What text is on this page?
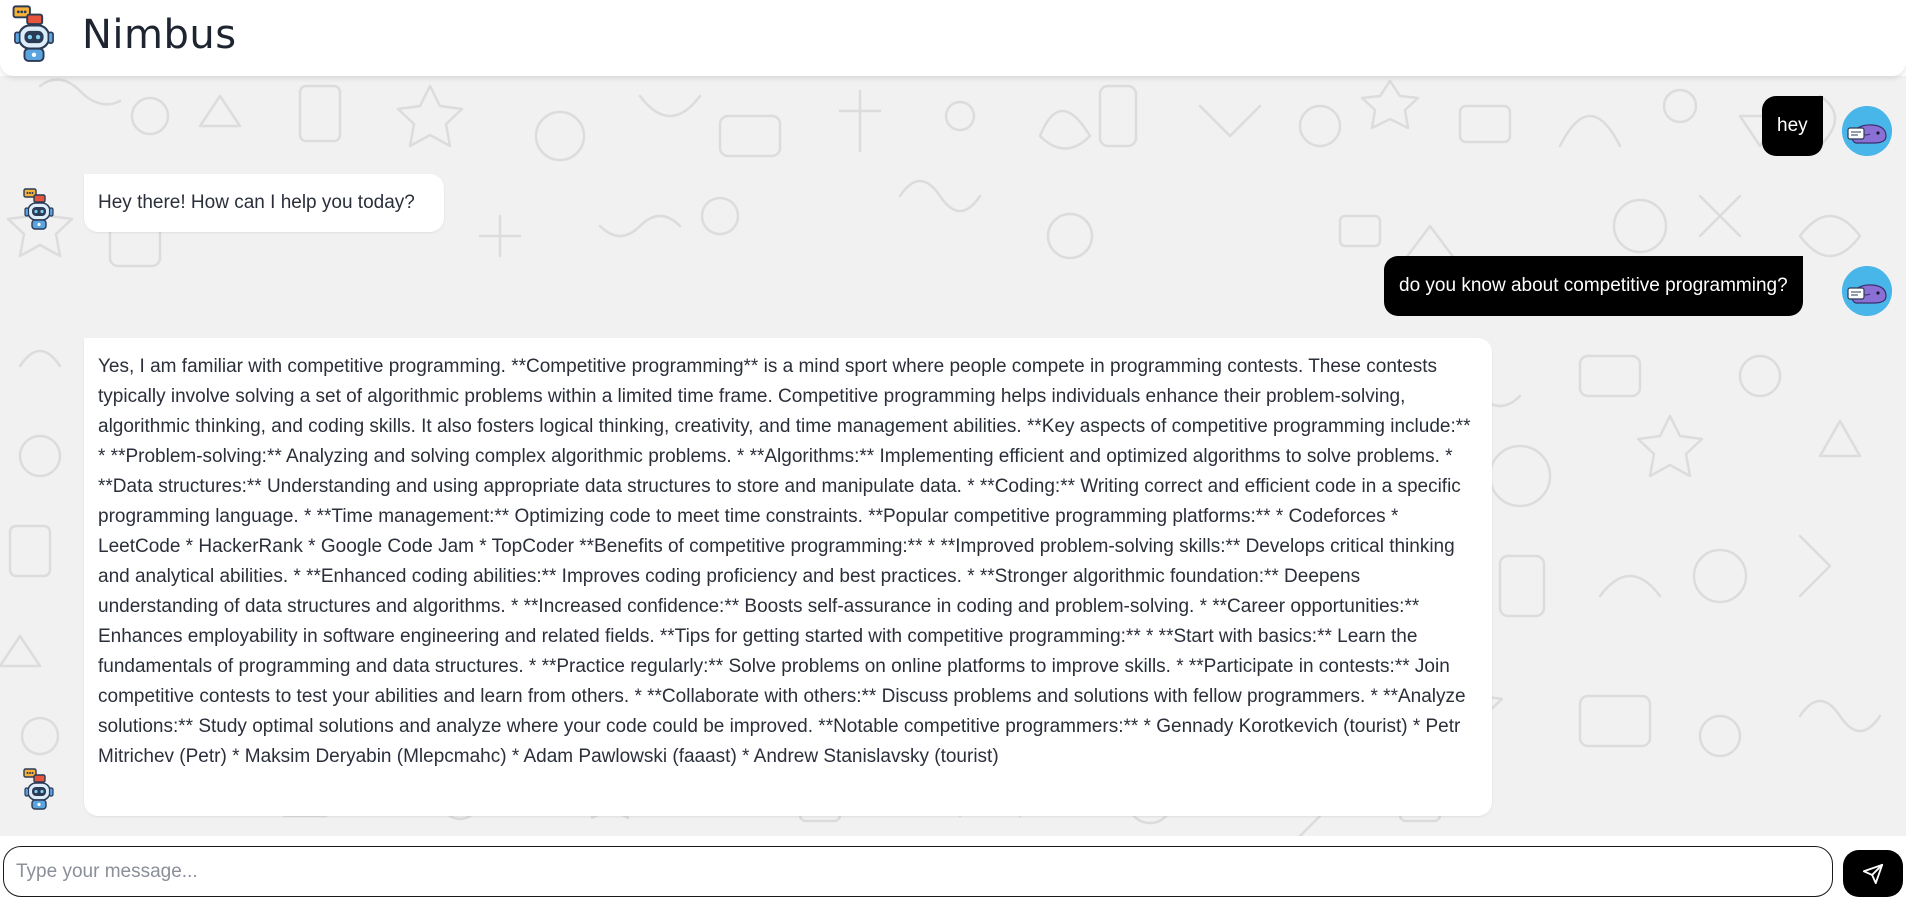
Nimbus
hey
Hey there! How can I help you today?
do you know about competitive programming?
Yes, I am familiar with competitive programming. **Competitive programming** is a mind sport where people compete in programming contests. These contests typically involve solving a set of algorithmic problems within a limited time frame. Competitive programming helps individuals enhance their problem-solving, algorithmic thinking, and coding skills. It also fosters logical thinking, creativity, and time management abilities. **Key aspects of competitive programming include:** * **Problem-solving:** Analyzing and solving complex algorithmic problems. * **Algorithms:** Implementing efficient and optimized algorithms to solve problems. * **Data structures:** Understanding and using appropriate data structures to store and manipulate data. * **Coding:** Writing correct and efficient code in a specific programming language. * **Time management:** Optimizing code to meet time constraints. **Popular competitive programming platforms:** * Codeforces * LeetCode * HackerRank * Google Code Jam * TopCoder **Benefits of competitive programming:** * **Improved problem-solving skills:** Develops critical thinking and analytical abilities. * **Enhanced coding abilities:** Improves coding proficiency and best practices. * **Stronger algorithmic foundation:** Deepens understanding of data structures and algorithms. * **Increased confidence:** Boosts self-assurance in coding and problem-solving. * **Career opportunities:** Enhances employability in software engineering and related fields. **Tips for getting started with competitive programming:** * **Start with basics:** Learn the fundamentals of programming and data structures. * **Practice regularly:** Solve problems on online platforms to improve skills. * **Participate in contests:** Join competitive contests to test your abilities and learn from others. * **Collaborate with others:** Discuss problems and solutions with fellow programmers. * **Analyze solutions:** Study optimal solutions and analyze where your code could be improved. **Notable competitive programmers:** * Gennady Korotkevich (tourist) * Petr Mitrichev (Petr) * Maksim Deryabin (Mlepcmahc) * Adam Pawlowski (faaast) * Andrew Stanislavsky (tourist)
Type your message...
